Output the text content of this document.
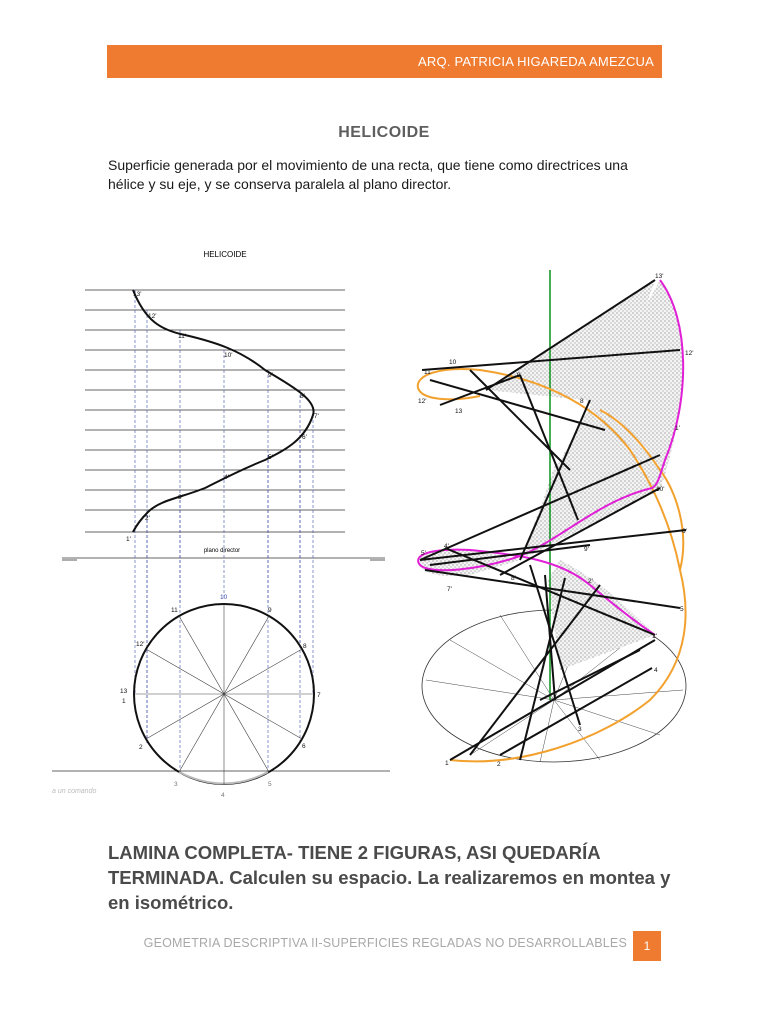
ARQ. PATRICIA HIGAREDA AMEZCUA
HELICOIDE
Superficie generada por el movimiento de una recta, que tiene como directrices una hélice y su eje, y se conserva paralela al plano director.
HELICOIDE
plano director
1'
2'
3'
4'
5'
6'
7'
8'
9'
10'
11'
12'
13'
13
1
2
3
4
5
6
7
8
9
10
11
12'
a un comando
13'
12'
1'
10'
6'
5
4
1	2
3
9
10
11
12'
13
8
9'
5'
4'
7'
8'	2'
1'
LAMINA COMPLETA- TIENE 2 FIGURAS, ASI QUEDARÍA TERMINADA. Calculen su espacio. La realizaremos en montea y en isométrico.
GEOMETRIA DESCRIPTIVA II-SUPERFICIES REGLADAS NO DESARROLLABLES 1
